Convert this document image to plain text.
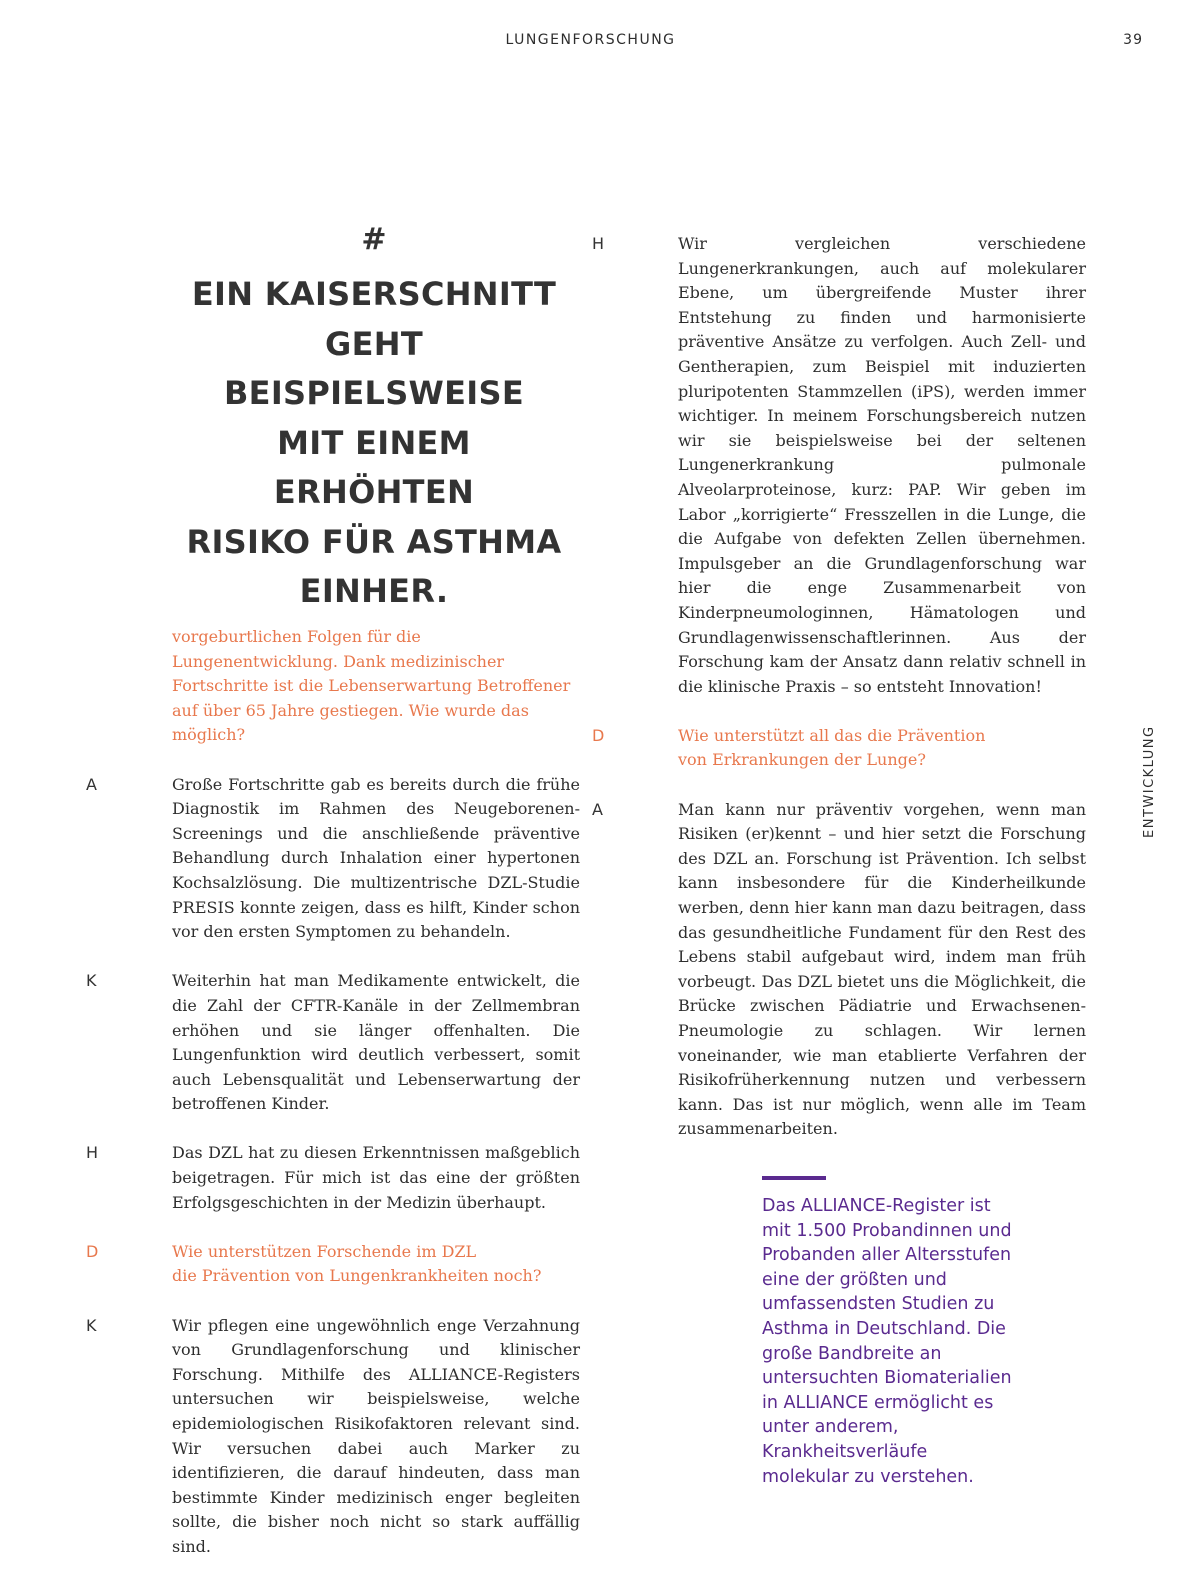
LUNGENFORSCHUNG	39
ENTWICKLUNG
#
EIN KAISERSCHNITT
GEHT BEISPIELSWEISE
MIT EINEM ERHÖHTEN
RISIKO FÜR ASTHMA
EINHER.

vorgeburtlichen Folgen für die Lungenentwicklung. Dank medizinischer Fortschritte ist die Lebenserwartung Betroffener auf über 65 Jahre gestiegen. Wie wurde das möglich?

A	Große Fortschritte gab es bereits durch die frühe Diagnostik im Rahmen des Neugeborenen-Screenings und die anschließende präventive Behandlung durch Inhalation einer hypertonen Kochsalzlösung. Die multizentrische DZL-Studie PRESIS konnte zeigen, dass es hilft, Kinder schon vor den ersten Symptomen zu behandeln.

K	Weiterhin hat man Medikamente entwickelt, die die Zahl der CFTR-Kanäle in der Zellmembran erhöhen und sie länger offenhalten. Die Lungenfunktion wird deutlich verbessert, somit auch Lebensqualität und Lebenserwartung der betroffenen Kinder.

H	Das DZL hat zu diesen Erkenntnissen maßgeblich beigetragen. Für mich ist das eine der größten Erfolgsgeschichten in der Medizin überhaupt.

D	Wie unterstützen Forschende im DZL
die Prävention von Lungenkrankheiten noch?

K	Wir pflegen eine ungewöhnlich enge Verzahnung von Grundlagenforschung und klinischer Forschung. Mithilfe des ALLIANCE-Registers untersuchen wir beispielsweise, welche epidemiologischen Risikofaktoren relevant sind. Wir versuchen dabei auch Marker zu identifizieren, die darauf hindeuten, dass man bestimmte Kinder medizinisch enger begleiten sollte, die bisher noch nicht so stark auffällig sind.

H	Wir vergleichen verschiedene Lungenerkrankungen, auch auf molekularer Ebene, um übergreifende Muster ihrer Entstehung zu finden und harmonisierte präventive Ansätze zu verfolgen. Auch Zell- und Gentherapien, zum Beispiel mit induzierten pluripotenten Stammzellen (iPS), werden immer wichtiger. In meinem Forschungsbereich nutzen wir sie beispielsweise bei der seltenen Lungenerkrankung pulmonale Alveolarproteinose, kurz: PAP. Wir geben im Labor „korrigierte“ Fresszellen in die Lunge, die die Aufgabe von defekten Zellen übernehmen. Impulsgeber an die Grundlagenforschung war hier die enge Zusammenarbeit von Kinderpneumologinnen, Hämatologen und Grundlagenwissenschaftlerinnen. Aus der Forschung kam der Ansatz dann relativ schnell in die klinische Praxis – so entsteht Innovation!

D	Wie unterstützt all das die Prävention
von Erkrankungen der Lunge?

A	Man kann nur präventiv vorgehen, wenn man Risiken (er)kennt – und hier setzt die Forschung des DZL an. Forschung ist Prävention. Ich selbst kann insbesondere für die Kinderheilkunde werben, denn hier kann man dazu beitragen, dass das gesundheitliche Fundament für den Rest des Lebens stabil aufgebaut wird, indem man früh vorbeugt. Das DZL bietet uns die Möglichkeit, die Brücke zwischen Pädiatrie und Erwachsenen-Pneumologie zu schlagen. Wir lernen voneinander, wie man etablierte Verfahren der Risikofrüherkennung nutzen und verbessern kann. Das ist nur möglich, wenn alle im Team zusammenarbeiten.

Das ALLIANCE-Register ist mit 1.500 Probandinnen und Probanden aller Altersstufen eine der größten und umfassendsten Studien zu Asthma in Deutschland. Die große Bandbreite an untersuchten Biomaterialien in ALLIANCE ermöglicht es unter anderem, Krankheitsverläufe molekular zu verstehen.
